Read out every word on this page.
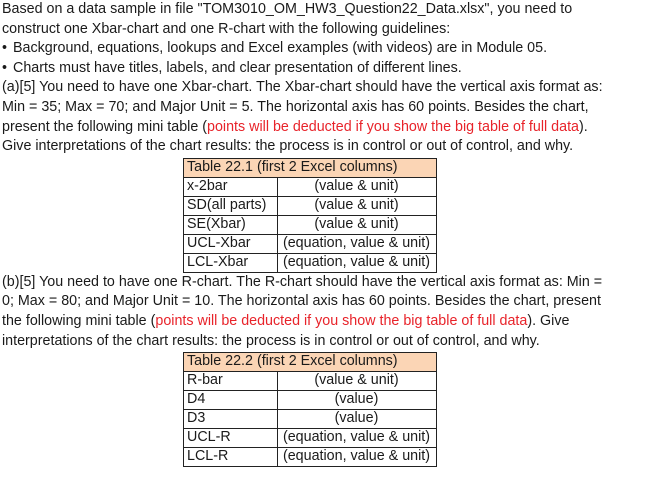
Based on a data sample in file "TOM3010_OM_HW3_Question22_Data.xlsx", you need to
construct one Xbar-chart and one R-chart with the following guidelines:
• Background, equations, lookups and Excel examples (with videos) are in Module 05.
• Charts must have titles, labels, and clear presentation of different lines.
(a)[5] You need to have one Xbar-chart. The Xbar-chart should have the vertical axis format as:
Min = 35; Max = 70; and Major Unit = 5. The horizontal axis has 60 points. Besides the chart,
present the following mini table (points will be deducted if you show the big table of full data).
Give interpretations of the chart results: the process is in control or out of control, and why.
Table 22.1 (first 2 Excel columns)	
x-2bar	(value & unit)
SD(all parts)	(value & unit)
SE(Xbar)	(value & unit)
UCL-Xbar	(equation, value & unit)
LCL-Xbar	(equation, value & unit)
(b)[5] You need to have one R-chart. The R-chart should have the vertical axis format as: Min =
0; Max = 80; and Major Unit = 10. The horizontal axis has 60 points. Besides the chart, present
the following mini table (points will be deducted if you show the big table of full data). Give
interpretations of the chart results: the process is in control or out of control, and why.
Table 22.2 (first 2 Excel columns)	
R-bar	(value & unit)
D4	(value)
D3	(value)
UCL-R	(equation, value & unit)
LCL-R	(equation, value & unit)
